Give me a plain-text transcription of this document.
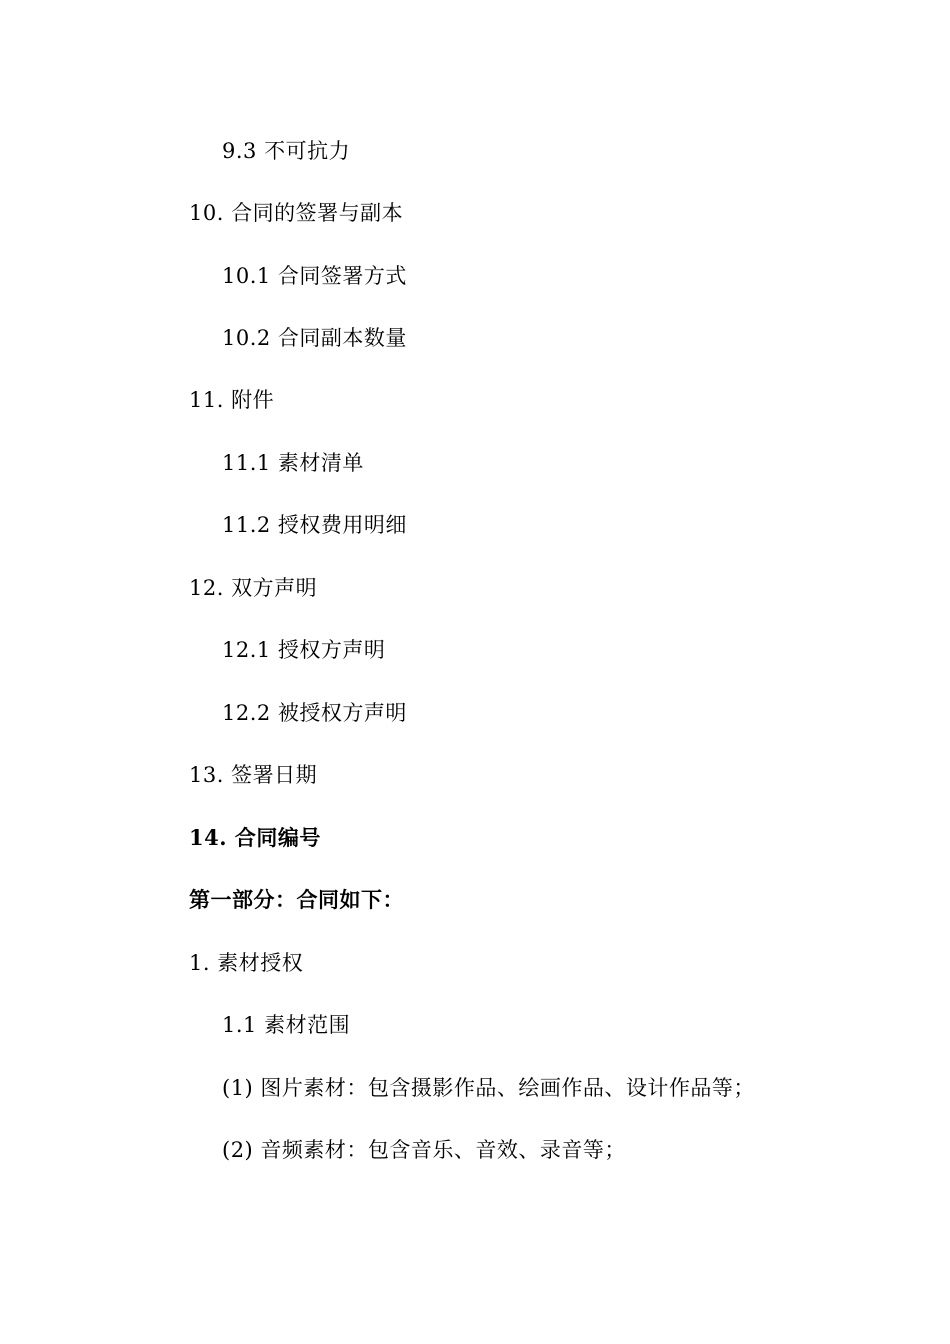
9.3 不可抗力
10. 合同的签署与副本
10.1 合同签署方式
10.2 合同副本数量
11. 附件
11.1 素材清单
11.2 授权费用明细
12. 双方声明
12.1 授权方声明
12.2 被授权方声明
13. 签署日期
14. 合同编号
第一部分：合同如下：
1. 素材授权
1.1 素材范围
(1) 图片素材：包含摄影作品、绘画作品、设计作品等；
(2) 音频素材：包含音乐、音效、录音等；
